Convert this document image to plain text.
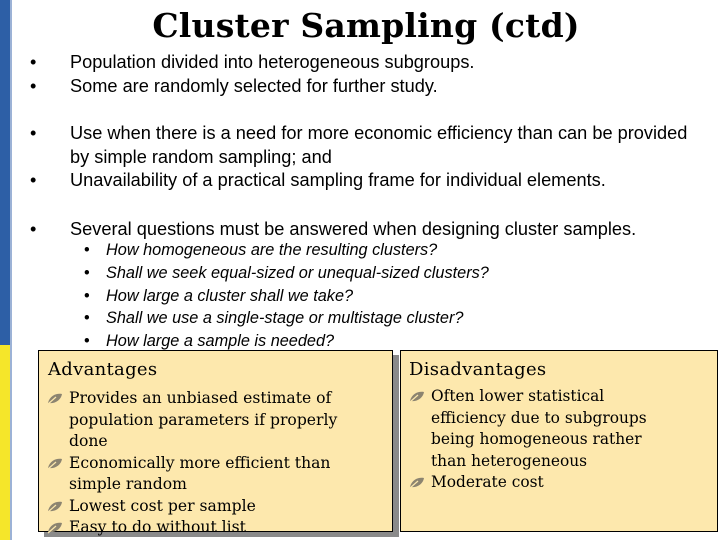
Cluster Sampling (ctd)
• Population divided into heterogeneous subgroups.
• Some are randomly selected for further study.
• Use when there is a need for more economic efficiency than can be provided by simple random sampling; and
• Unavailability of a practical sampling frame for individual elements.
• Several questions must be answered when designing cluster samples.
• How homogeneous are the resulting clusters?
• Shall we seek equal-sized or unequal-sized clusters?
• How large a cluster shall we take?
• Shall we use a single-stage or multistage cluster?
• How large a sample is needed?
Advantages
Provides an unbiased estimate of population parameters if properly done
Economically more efficient than simple random
Lowest cost per sample
Easy to do without list
Disadvantages
Often lower statistical efficiency due to subgroups being homogeneous rather than heterogeneous
Moderate cost
